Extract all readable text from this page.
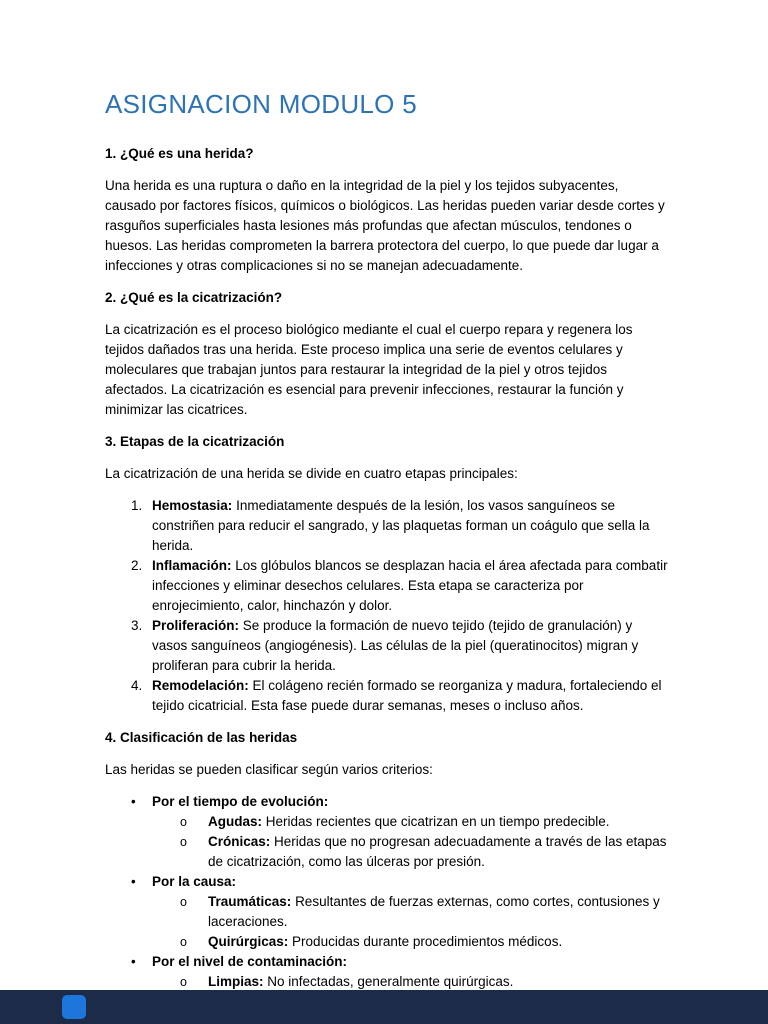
ASIGNACION MODULO 5
1. ¿Qué es una herida?

Una herida es una ruptura o daño en la integridad de la piel y los tejidos subyacentes, causado por factores físicos, químicos o biológicos. Las heridas pueden variar desde cortes y rasguños superficiales hasta lesiones más profundas que afectan músculos, tendones o huesos. Las heridas comprometen la barrera protectora del cuerpo, lo que puede dar lugar a infecciones y otras complicaciones si no se manejan adecuadamente.

2. ¿Qué es la cicatrización?

La cicatrización es el proceso biológico mediante el cual el cuerpo repara y regenera los tejidos dañados tras una herida. Este proceso implica una serie de eventos celulares y moleculares que trabajan juntos para restaurar la integridad de la piel y otros tejidos afectados. La cicatrización es esencial para prevenir infecciones, restaurar la función y minimizar las cicatrices.

3. Etapas de la cicatrización

La cicatrización de una herida se divide en cuatro etapas principales:

1. Hemostasia: Inmediatamente después de la lesión, los vasos sanguíneos se constriñen para reducir el sangrado, y las plaquetas forman un coágulo que sella la herida.

2. Inflamación: Los glóbulos blancos se desplazan hacia el área afectada para combatir infecciones y eliminar desechos celulares. Esta etapa se caracteriza por enrojecimiento, calor, hinchazón y dolor.

3. Proliferación: Se produce la formación de nuevo tejido (tejido de granulación) y vasos sanguíneos (angiogénesis). Las células de la piel (queratinocitos) migran y proliferan para cubrir la herida.

4. Remodelación: El colágeno recién formado se reorganiza y madura, fortaleciendo el tejido cicatricial. Esta fase puede durar semanas, meses o incluso años.

4. Clasificación de las heridas

Las heridas se pueden clasificar según varios criterios:

•	Por el tiempo de evolución:

o	Agudas: Heridas recientes que cicatrizan en un tiempo predecible.

o	Crónicas: Heridas que no progresan adecuadamente a través de las etapas de cicatrización, como las úlceras por presión.

•	Por la causa:

o	Traumáticas: Resultantes de fuerzas externas, como cortes, contusiones y laceraciones.

o	Quirúrgicas: Producidas durante procedimientos médicos.

•	Por el nivel de contaminación:

o	Limpias: No infectadas, generalmente quirúrgicas.
